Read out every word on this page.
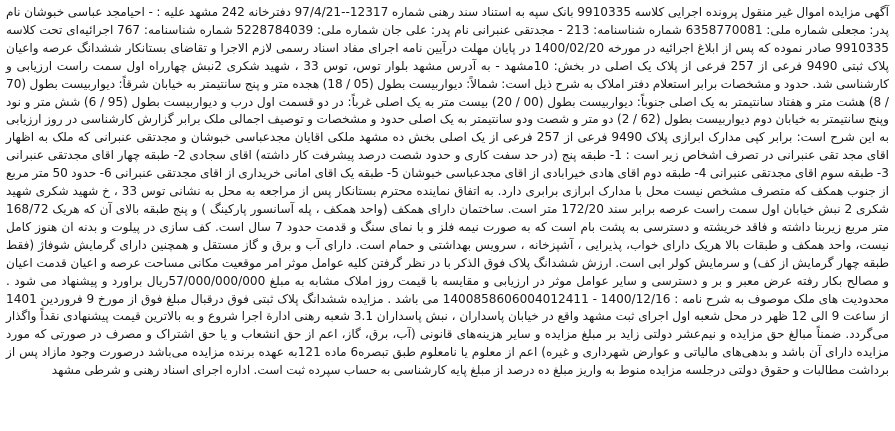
آگهی مزایده اموال غیر منقول پرونده اجرایی کلاسه 9910335 بانک سپه به استناد سند رهنی شماره 12317--97/4/21 دفترخانه 242 مشهد علیه : - احیامجد عباسی خبوشان نام پدر: مجعلی شماره ملی: 6358770081 شماره شناسنامه: 213 - مجدتقی عنبرانی نام پدر: علی جان شماره ملی: 5228784039 شماره شناسنامه: 767 اجرائیه‌ای تحت کلاسه 9910335 صادر نموده که پس از ابلاغ اجرائیه در مورخه 1400/02/20 در پایان مهلت درآیین نامه اجرای مفاد اسناد رسمی لازم الاجرا و تقاضای بستانکار ششدانگ عرصه واعیان پلاک ثبتی 9490 فرعی از 257 فرعی از پلاک یک اصلی در بخش: 10مشهد - به آدرس مشهد بلوار توس، توس 33 ، شهید شکری 2نبش چهارراه اول سمت راست ارزیابی و کارشناسی شد. حدود و مشخصات برابر استعلام دفتر املاک به شرح ذیل است: شمالاً: دیواربیست بطول (05 / 18) هجده متر و پنج سانتیمتر به خیابان شرقاً: دیواربیست بطول (70 / 8) هشت متر و هفتاد سانتیمتر به یک اصلی جنوباً: دیواربیست بطول (00 / 20) بیست متر به یک اصلی غرباً: در دو قسمت اول درب و دیواربیست بطول (95 / 6) شش متر و نود وپنج سانتیمتر به خیابان دوم دیواربیست بطول (62 / 2) دو متر و شصت ودو سانتیمتر به یک اصلی حدود و مشخصات و توصیف اجمالی ملک برابر گزارش کارشناسی در روز ارزیابی به این شرح است: برابر کپی مدارک ابرازی پلاک 9490 فرعی از 257 فرعی از یک اصلی بخش ده مشهد ملکی اقایان مجدعباسی خبوشان و مجدتقی عنبرانی که ملک به اظهار اقای مجد تقی عنبرانی در تصرف اشخاص زیر است : 1- طبقه پنج (در حد سفت کاری و حدود شصت درصد پیشرفت کار داشته) اقای سجادی 2- طبقه چهار اقای مجدتقی عنبرانی 3- طبقه سوم اقای مجدتقی عنبرانی 4- طبقه دوم اقای هادی خیرابادی از اقای مجدعباسی خبوشان 5- طبقه یک اقای امانی خریداری از اقای مجدتقی عنبرانی 6- حدود 50 متر مربع از جنوب همکف که متصرف مشخص نیست محل با مدارک ابرازی برابری دارد. به اتفاق نماینده محترم بستانکار پس از مراجعه به محل به نشانی توس 33 ، خ شهید شکری شهید شکری 2 نبش خیابان اول سمت راست عرصه برابر سند 172/20 متر است. ساختمان دارای همکف (واحد همکف ، پله آسانسور پارکینگ ) و پنج طبقه بالای آن که هریک 168/72 متر مربع زیربنا داشته و فاقد خریشته و دسترسی به پشت بام است که به صورت نیمه فلز و با نمای سنگ و قدمت حدود 7 سال است. کف سازی در پیلوت و بدنه ان هنوز کامل نیست، واحد همکف و طبقات بالا هریک دارای خواب، پذیرایی ، آشپزخانه ، سرویس بهداشتی و حمام است. دارای آب و برق و گاز مستقل و همچنین دارای گرمایش شوفاژ (فقط طبقه چهار گرمایش از کف) و سرمایش کولر ابی است. ارزش ششدانگ پلاک فوق الذکر با در نظر گرفتن کلیه عوامل موثر امر موقعیت مکانی مساحت عرصه و اعیان قدمت اعیان و مصالح بکار رفته عرض معبر و بر و دسترسی و سایر عوامل موثر در ارزیابی و مقایسه با قیمت روز املاک مشابه به مبلغ 57/000/000/000ریال براورد و پیشنهاد می شود . محدودیت های ملک موصوف به شرح نامه : 1400/12/16 - 1400858606004012411 می باشد . مزایده ششدانگ پلاک ثبتی فوق درقبال مبلغ فوق از مورخ 9 فروردین 1401 از ساعت 9 الی 12 ظهر در محل شعبه اول اجرای ثبت مشهد واقع در خیابان پاسداران ، نبش پاسداران 3.1 شعبه رهنی ادارة اجرا شروع و به بالاترین قیمت پیشنهادی نقداً واگذار می‌گردد. ضمناً مبالغ حق مزایده و نیم‌عشر دولتی زاید بر مبلغ مزایده و سایر هزینه‌های قانونی (آب، برق، گاز، اعم از حق انشعاب و یا حق اشتراک و مصرف در صورتی که مورد مزایده دارای آن باشد و بدهی‌های مالیاتی و عوارض شهرداری و غیره) اعم از معلوم یا نامعلوم طبق تبصره6 ماده 121به عهده برنده مزایده می‌باشد درصورت وجود مازاد پس از برداشت مطالبات و حقوق دولتی درجلسه مزایده منوط به واریز مبلغ ده درصد از مبلغ پایه کارشناسی به حساب سپرده ثبت است. اداره اجرای اسناد رهنی و شرطی مشهد
